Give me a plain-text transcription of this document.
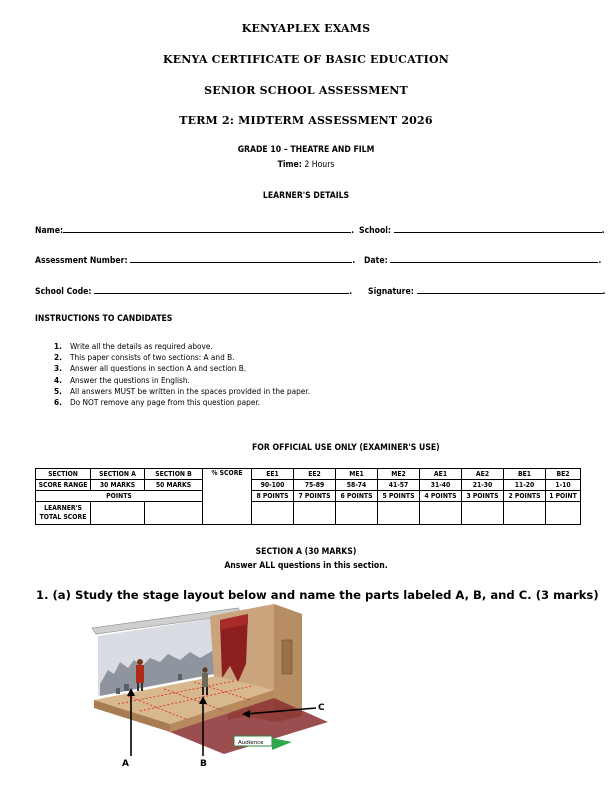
KENYAPLEX EXAMS
KENYA CERTIFICATE OF BASIC EDUCATION
SENIOR SCHOOL ASSESSMENT
TERM 2: MIDTERM ASSESSMENT 2026
GRADE 10 – THEATRE AND FILM
Time: 2 Hours
LEARNER'S DETAILS
Name:	. School:	.
Assessment Number:	. Date:	.
School Code:	. Signature:	.
INSTRUCTIONS TO CANDIDATES
1. Write all the details as required above.
2. This paper consists of two sections: A and B.
3. Answer all questions in section A and section B.
4. Answer the questions in English.
5. All answers MUST be written in the spaces provided in the paper.
6. Do NOT remove any page from this question paper.
FOR OFFICIAL USE ONLY (EXAMINER'S USE)
SECTION	SECTION A	SECTION B	% SCORE	EE1	EE2	ME1	ME2	AE1	AE2	BE1	BE2
SCORE RANGE	30 MARKS	50 MARKS		90-100	75-89	58-74	41-57	31-40	21-30	11-20	1-10
POINTS				8 POINTS	7 POINTS	6 POINTS	5 POINTS	4 POINTS	3 POINTS	2 POINTS	1 POINT
LEARNER'S TOTAL SCORE											
SECTION A (30 MARKS)
Answer ALL questions in this section.
1. (a) Study the stage layout below and name the parts labeled A, B, and C. (3 marks)
Audience
A	B
C
